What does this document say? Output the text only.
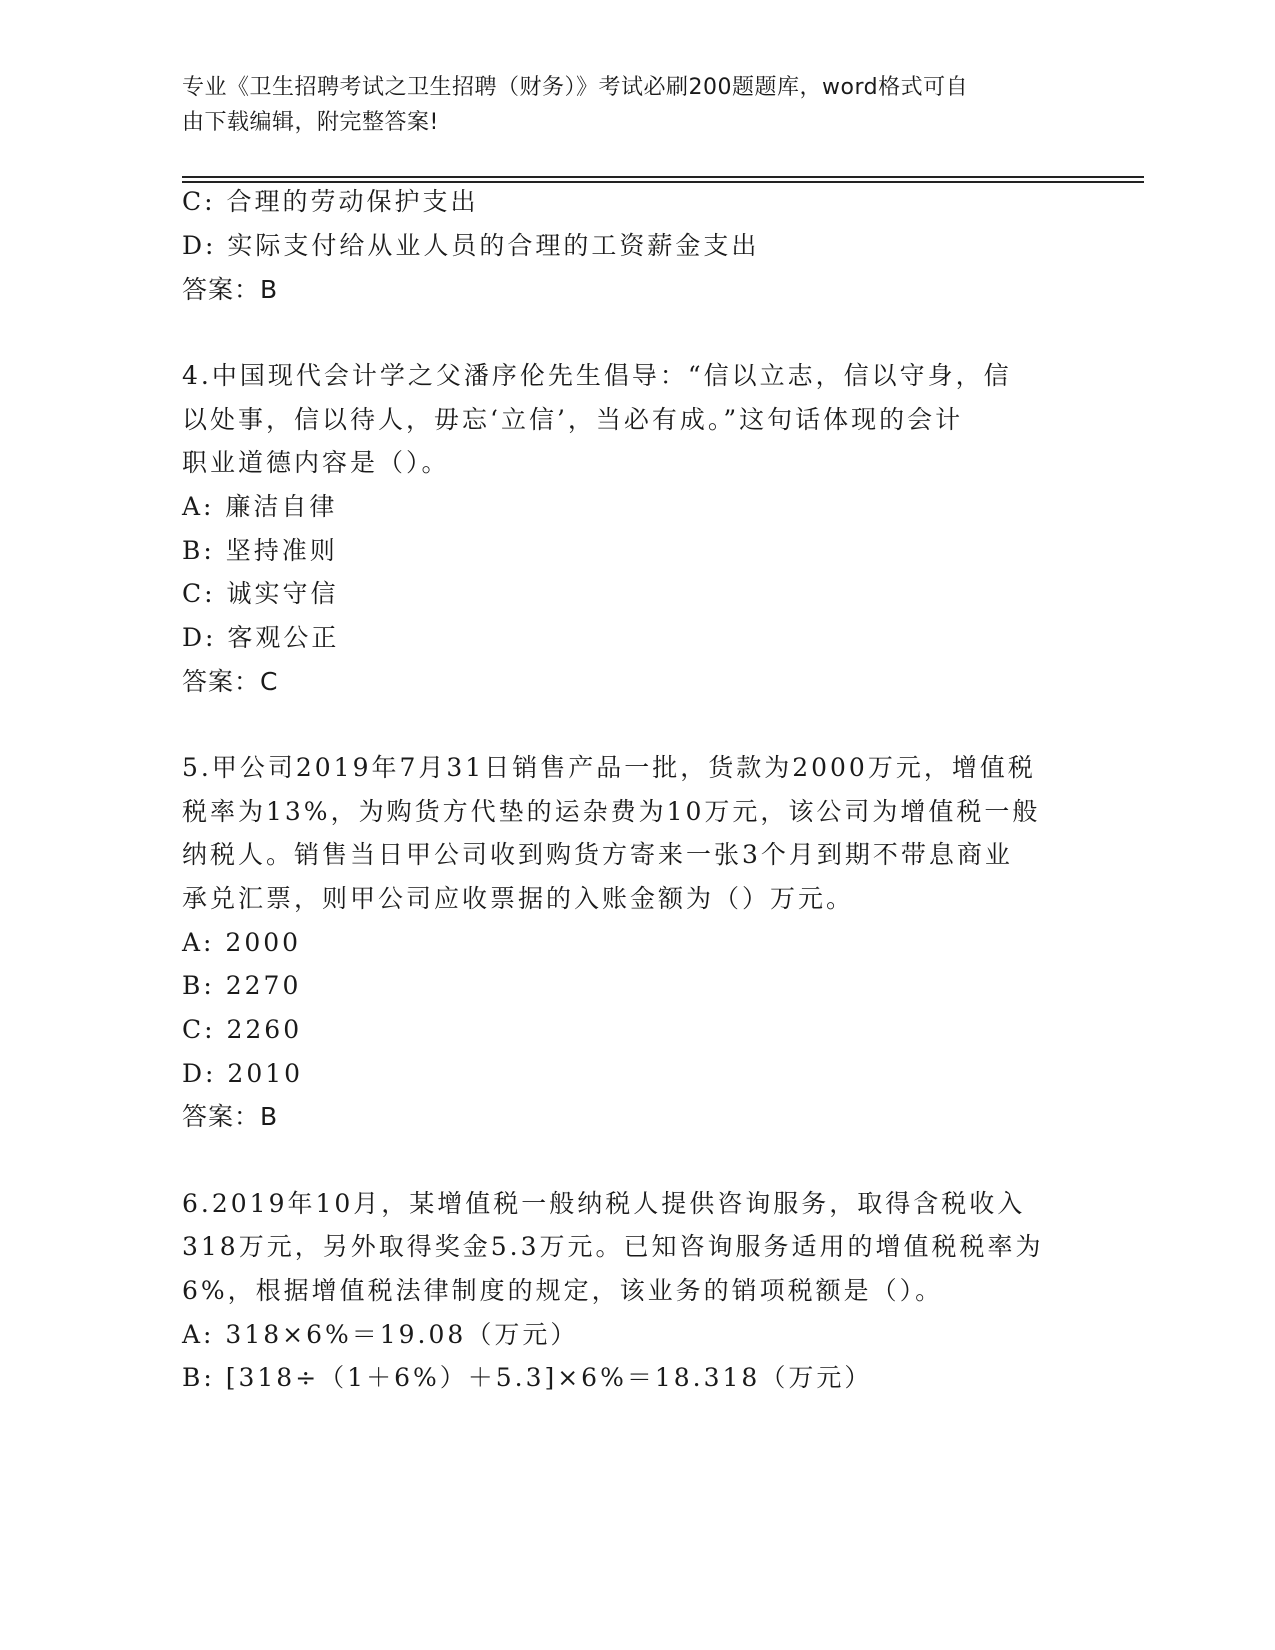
专业《卫生招聘考试之卫生招聘（财务）》考试必刷200题题库，word格式可自
由下载编辑，附完整答案!
C: 合理的劳动保护支出
D: 实际支付给从业人员的合理的工资薪金支出
答案：B
4.中国现代会计学之父潘序伦先生倡导：“信以立志，信以守身，信
以处事，信以待人，毋忘‘立信’，当必有成。”这句话体现的会计
职业道德内容是（）。
A: 廉洁自律
B: 坚持准则
C: 诚实守信
D: 客观公正
答案：C
5.甲公司2019年7月31日销售产品一批，货款为2000万元，增值税
税率为13%，为购货方代垫的运杂费为10万元，该公司为增值税一般
纳税人。销售当日甲公司收到购货方寄来一张3个月到期不带息商业
承兑汇票，则甲公司应收票据的入账金额为（）万元。
A: 2000
B: 2270
C: 2260
D: 2010
答案：B
6.2019年10月，某增值税一般纳税人提供咨询服务，取得含税收入
318万元，另外取得奖金5.3万元。已知咨询服务适用的增值税税率为
6%，根据增值税法律制度的规定，该业务的销项税额是（）。
A: 318×6%＝19.08（万元）
B: [318÷（1＋6%）＋5.3]×6%＝18.318（万元）
